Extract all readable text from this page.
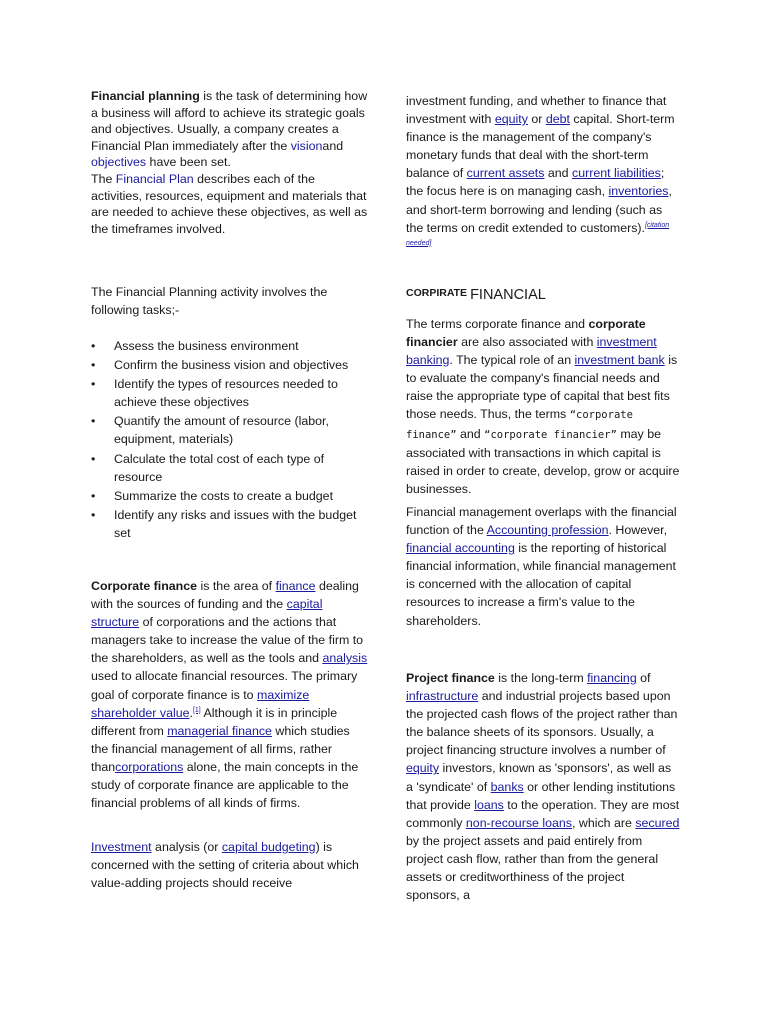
Financial planning is the task of determining how a business will afford to achieve its strategic goals and objectives. Usually, a company creates a Financial Plan immediately after the visionand objectives have been set.
The Financial Plan describes each of the activities, resources, equipment and materials that are needed to achieve these objectives, as well as the timeframes involved.

The Financial Planning activity involves the following tasks;-

• Assess the business environment
• Confirm the business vision and objectives
• Identify the types of resources needed to achieve these objectives
• Quantify the amount of resource (labor, equipment, materials)
• Calculate the total cost of each type of resource
• Summarize the costs to create a budget
• Identify any risks and issues with the budget set

Corporate finance is the area of finance dealing with the sources of funding and the capital structure of corporations and the actions that managers take to increase the value of the firm to the shareholders, as well as the tools and analysis used to allocate financial resources. The primary goal of corporate finance is to maximize shareholder value.[1] Although it is in principle different from managerial finance which studies the financial management of all firms, rather thancorporations alone, the main concepts in the study of corporate finance are applicable to the financial problems of all kinds of firms.

Investment analysis (or capital budgeting) is concerned with the setting of criteria about which value-adding projects should receive

investment funding, and whether to finance that investment with equity or debt capital. Short-term finance is the management of the company's monetary funds that deal with the short-term balance of current assets and current liabilities; the focus here is on managing cash, inventories, and short-term borrowing and lending (such as the terms on credit extended to customers).[citation needed]

$^{CORPIRATE}$ FINANCIAL

The terms corporate finance and corporate financier are also associated with investment banking. The typical role of an investment bank is to evaluate the company's financial needs and raise the appropriate type of capital that best fits those needs. Thus, the terms “corporate finance” and “corporate financier” may be associated with transactions in which capital is raised in order to create, develop, grow or acquire businesses.

Financial management overlaps with the financial function of the Accounting profession. However, financial accounting is the reporting of historical financial information, while financial management is concerned with the allocation of capital resources to increase a firm's value to the shareholders.

Project finance is the long-term financing of infrastructure and industrial projects based upon the projected cash flows of the project rather than the balance sheets of its sponsors. Usually, a project financing structure involves a number of equity investors, known as 'sponsors', as well as a 'syndicate' of banks or other lending institutions that provide loans to the operation. They are most commonly non-recourse loans, which are secured by the project assets and paid entirely from project cash flow, rather than from the general assets or creditworthiness of the project sponsors, a
